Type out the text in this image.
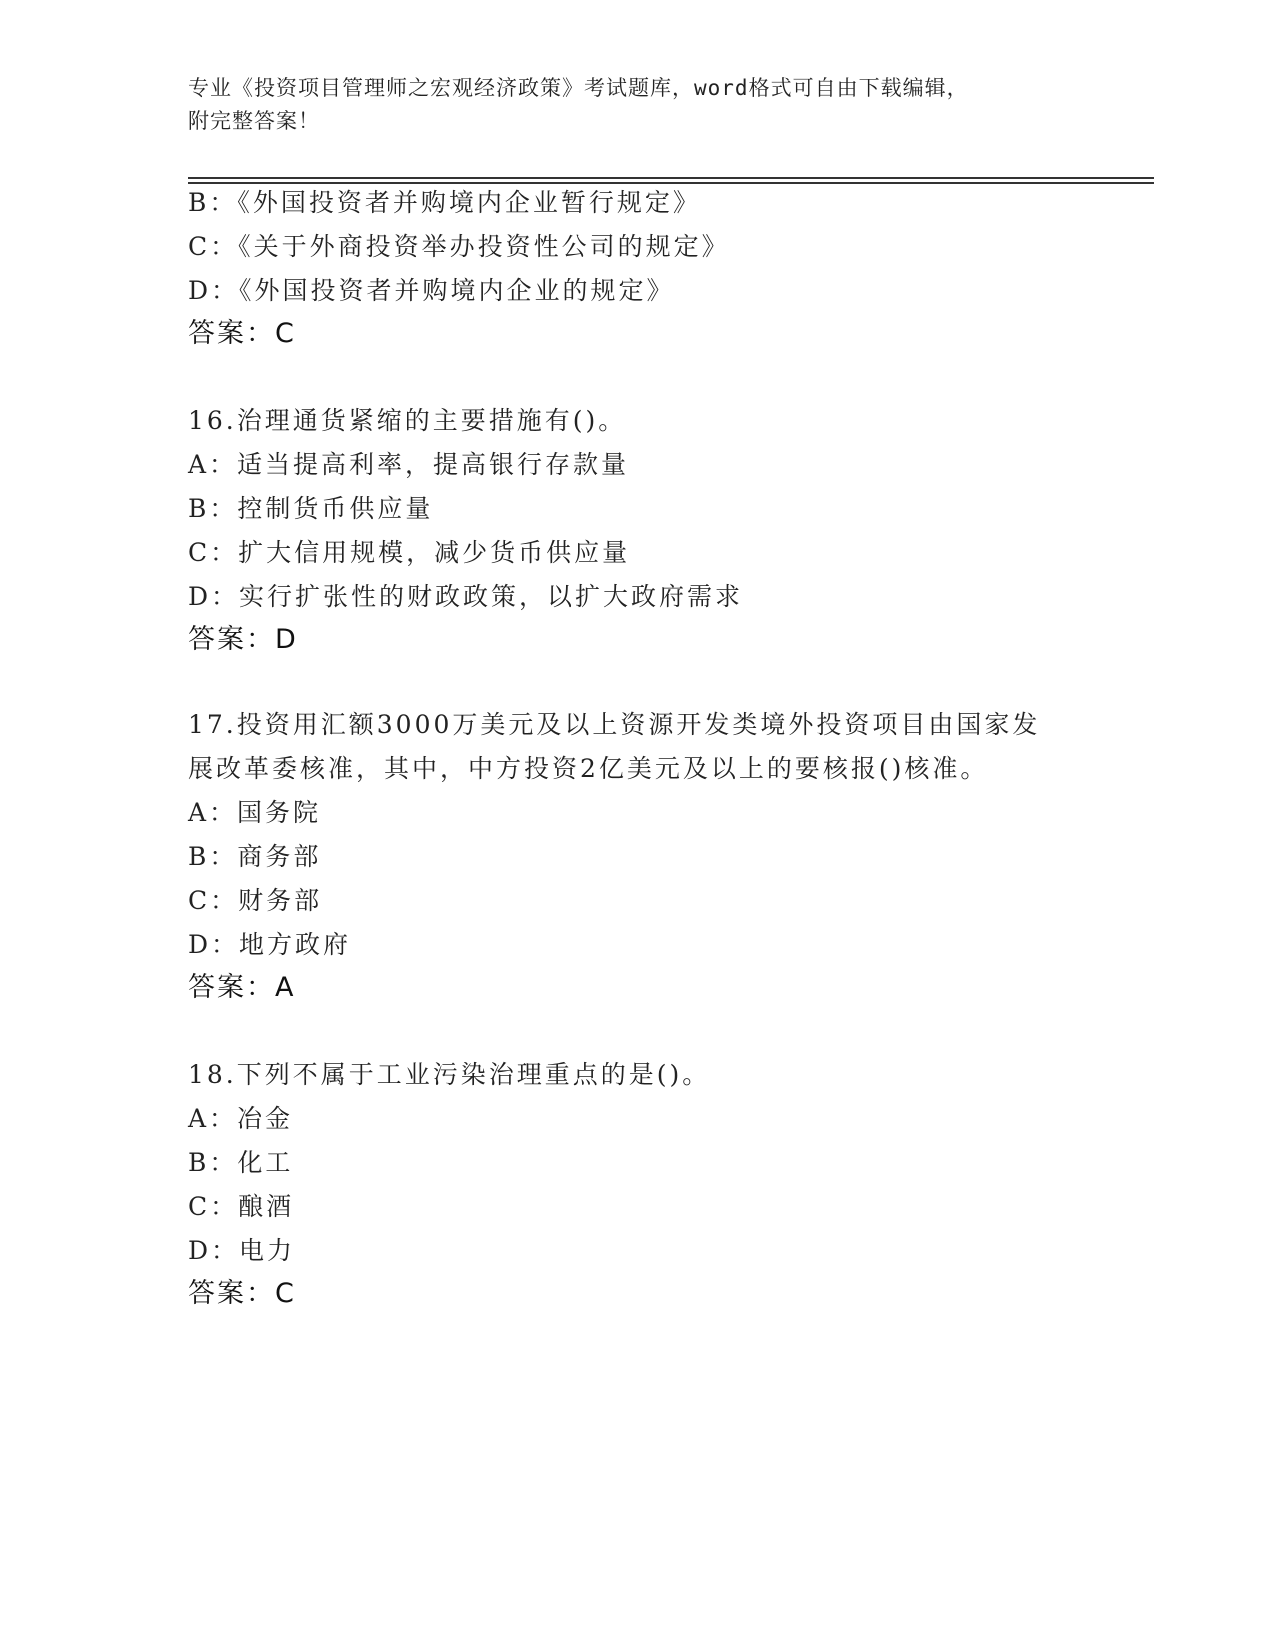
专业《投资项目管理师之宏观经济政策》考试题库，word格式可自由下载编辑，
附完整答案！
B：《外国投资者并购境内企业暂行规定》
C：《关于外商投资举办投资性公司的规定》
D：《外国投资者并购境内企业的规定》
答案：C
16.治理通货紧缩的主要措施有()。
A：适当提高利率，提高银行存款量
B：控制货币供应量
C：扩大信用规模，减少货币供应量
D：实行扩张性的财政政策，以扩大政府需求
答案：D
17.投资用汇额3000万美元及以上资源开发类境外投资项目由国家发
展改革委核准，其中，中方投资2亿美元及以上的要核报()核准。
A：国务院
B：商务部
C：财务部
D：地方政府
答案：A
18.下列不属于工业污染治理重点的是()。
A：冶金
B：化工
C：酿酒
D：电力
答案：C
